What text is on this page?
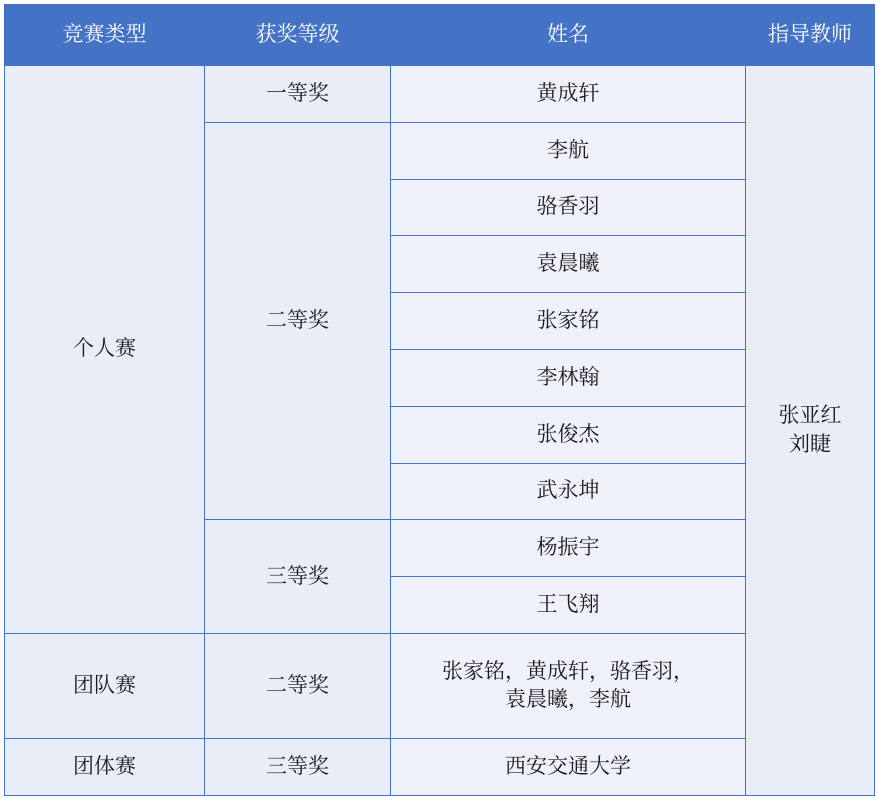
竞赛类型	获奖等级	姓名	指导教师
个人赛	一等奖	黄成轩	张亚红
刘睫

	二等奖	李航	
		骆香羽	
		袁晨曦	
		张家铭	
		李林翰	
		张俊杰	
		武永坤	
	三等奖	杨振宇	
		王飞翔	
团队赛	二等奖	张家铭，黄成轩，骆香羽，
袁晨曦，李航	

团体赛	三等奖	西安交通大学	
